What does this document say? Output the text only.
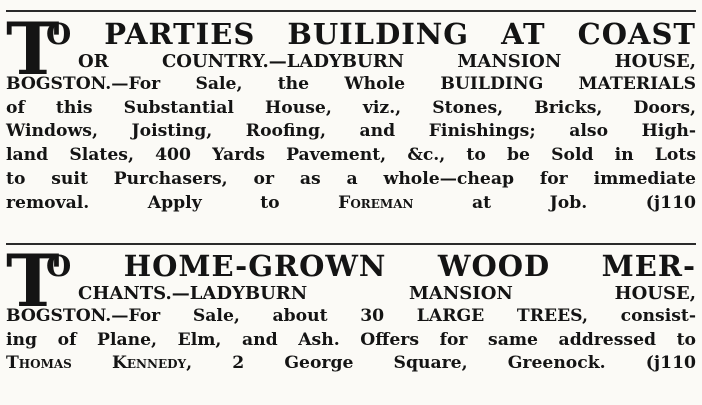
T
O PARTIES BUILDING AT COAST
OR COUNTRY.—LADYBURN MANSION HOUSE,
BOGSTON.—For Sale, the Whole BUILDING MATERIALS
of this Substantial House, viz., Stones, Bricks, Doors,
Windows, Joisting, Roofing, and Finishings; also High-
land Slates, 400 Yards Pavement, &c., to be Sold in Lots
to suit Purchasers, or as a whole—cheap for immediate
removal. Apply to Foreman at Job.	(j110
T
O HOME-GROWN WOOD MER-
CHANTS.—LADYBURN MANSION HOUSE,
BOGSTON.—For Sale, about 30 LARGE TREES, consist-
ing of Plane, Elm, and Ash. Offers for same addressed to
Thomas Kennedy, 2 George Square, Greenock. (j110
